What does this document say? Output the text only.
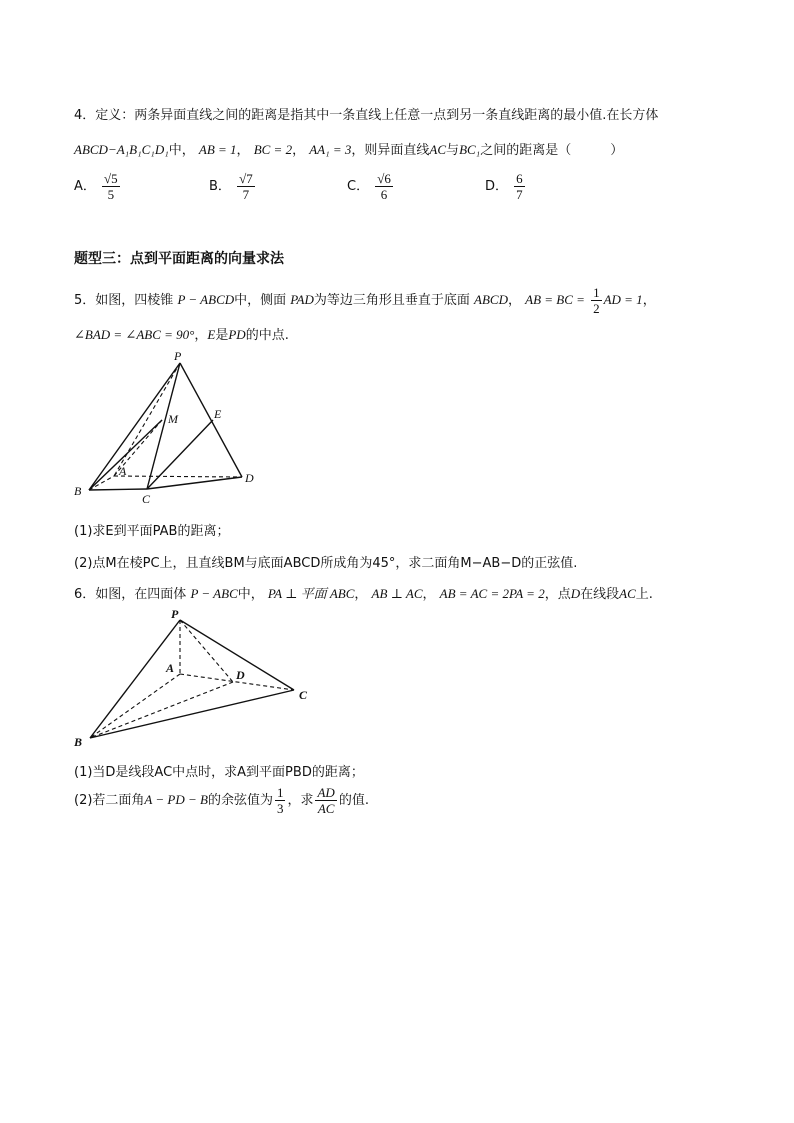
4．定义：两条异面直线之间的距离是指其中一条直线上任意一点到另一条直线距离的最小值.在长方体
ABCD−A₁B₁C₁D₁中， AB = 1， BC = 2， AA₁ = 3，则异面直线AC与BC₁之间的距离是（　　　）
A． $\frac{√5}{5}$	B． $\frac{√7}{7}$	C． $\frac{√6}{6}$	D． $\frac{6}{7}$
题型三：点到平面距离的向量求法
5．如图，四棱锥 P − ABCD中，侧面 PAD为等边三角形且垂直于底面 ABCD， AB = BC = $\frac{1}{2}$ AD = 1，
∠BAD = ∠ABC = 90°，E是PD的中点.
P
M	E
A
B
C
D
(1)求E到平面PAB的距离；
(2)点M在棱PC上，且直线BM与底面ABCD所成角为45°，求二面角M−AB−D的正弦值.
6．如图，在四面体 P − ABC中， PA ⊥ 平面 ABC， AB ⊥ AC， AB = AC = 2PA = 2，点D在线段AC上.
P
A	D
B
C
(1)当D是线段AC中点时，求A到平面PBD的距离；
(2)若二面角A − PD − B的余弦值为 $\frac{1}{3}$ ，求 $\frac{AD}{AC}$ 的值.
